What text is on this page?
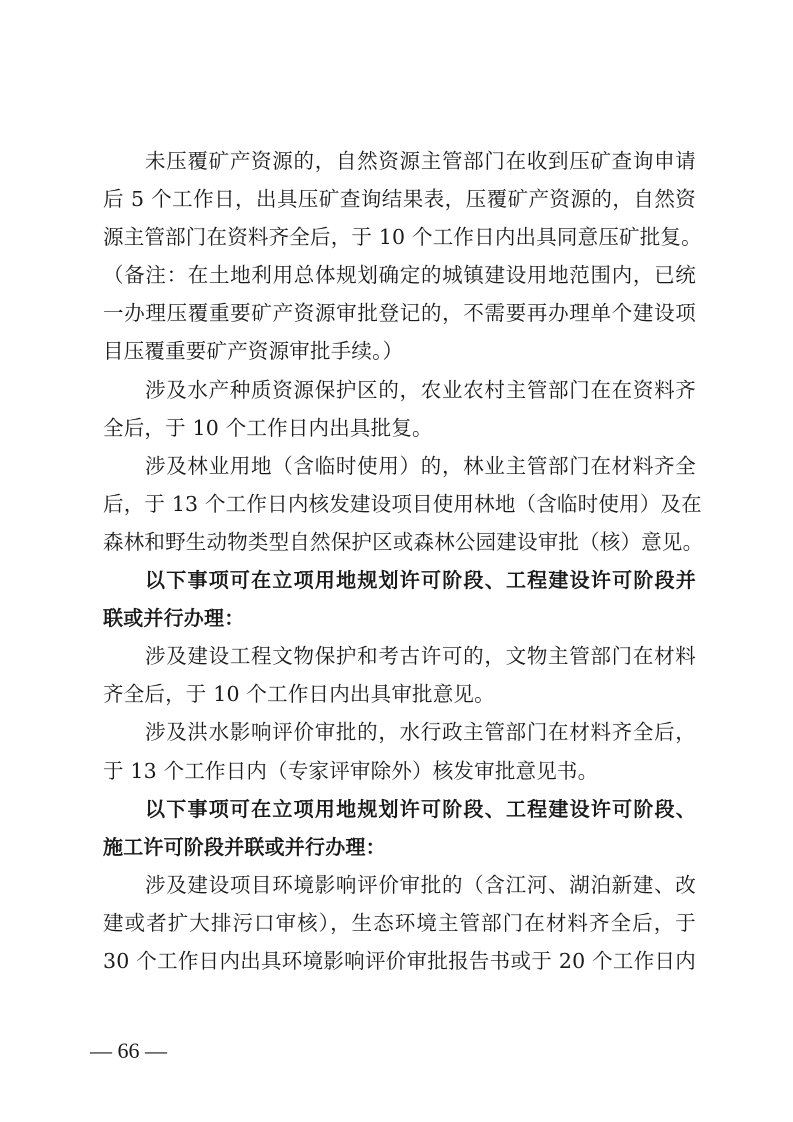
未压覆矿产资源的，自然资源主管部门在收到压矿查询申请
后 5 个工作日，出具压矿查询结果表，压覆矿产资源的，自然资
源主管部门在资料齐全后，于 10 个工作日内出具同意压矿批复。
（备注：在土地利用总体规划确定的城镇建设用地范围内，已统
一办理压覆重要矿产资源审批登记的，不需要再办理单个建设项
目压覆重要矿产资源审批手续。）
涉及水产种质资源保护区的，农业农村主管部门在在资料齐
全后，于 10 个工作日内出具批复。
涉及林业用地（含临时使用）的，林业主管部门在材料齐全
后，于 13 个工作日内核发建设项目使用林地（含临时使用）及在
森林和野生动物类型自然保护区或森林公园建设审批（核）意见。
以下事项可在立项用地规划许可阶段、工程建设许可阶段并
联或并行办理：
涉及建设工程文物保护和考古许可的，文物主管部门在材料
齐全后，于 10 个工作日内出具审批意见。
涉及洪水影响评价审批的，水行政主管部门在材料齐全后，
于 13 个工作日内（专家评审除外）核发审批意见书。
以下事项可在立项用地规划许可阶段、工程建设许可阶段、
施工许可阶段并联或并行办理：
涉及建设项目环境影响评价审批的（含江河、湖泊新建、改
建或者扩大排污口审核），生态环境主管部门在材料齐全后，于
30 个工作日内出具环境影响评价审批报告书或于 20 个工作日内
— 66 —
